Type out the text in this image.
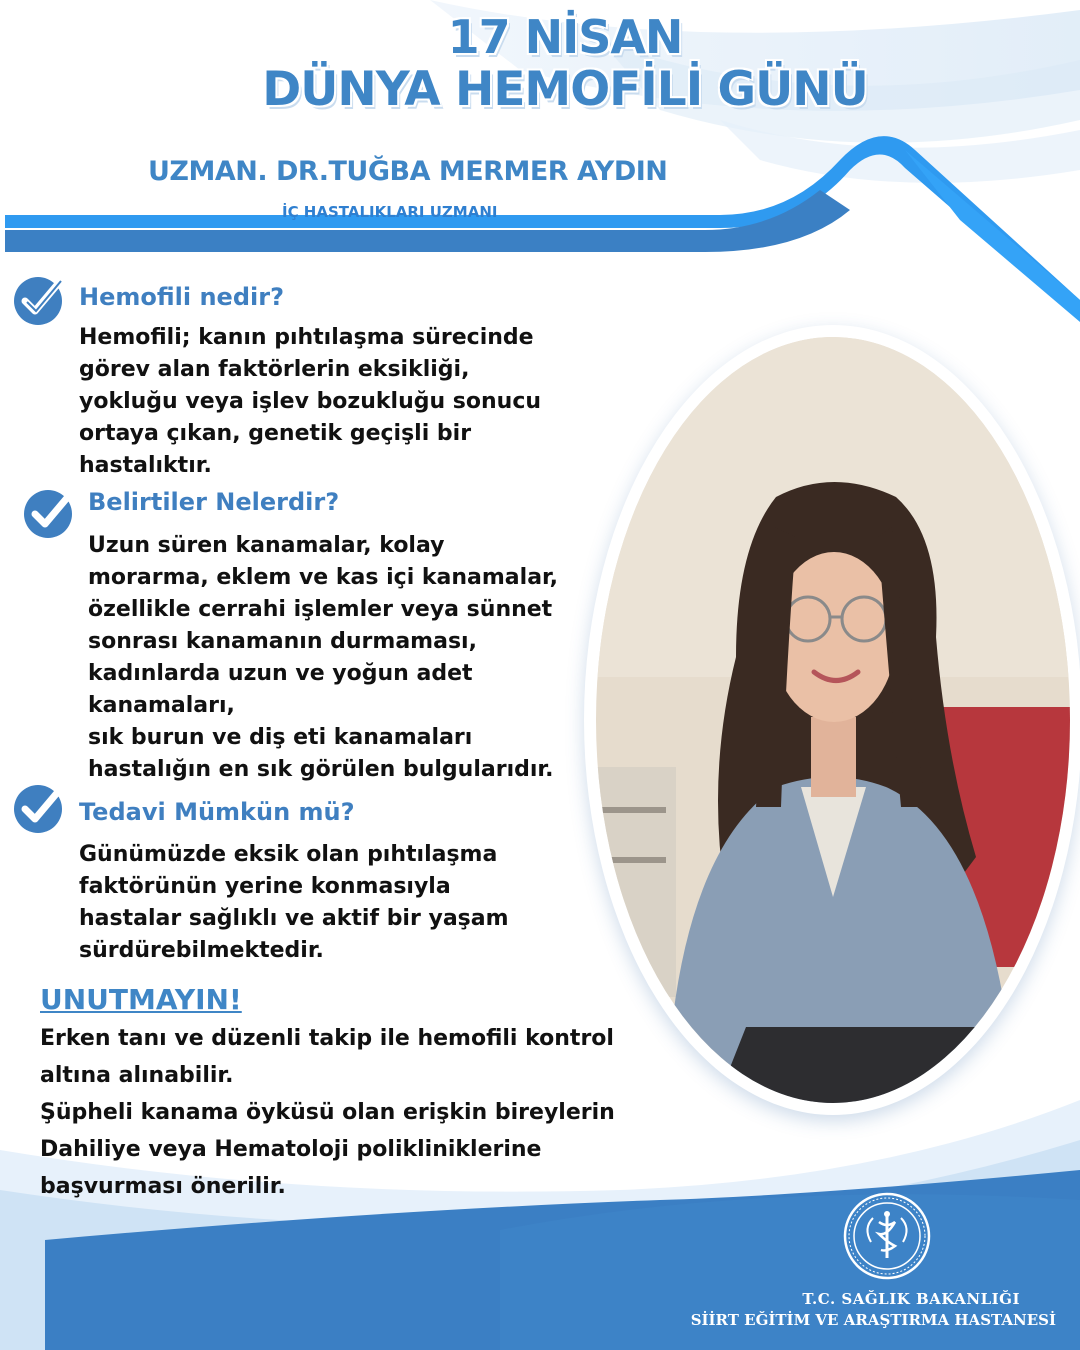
17 NİSAN
DÜNYA HEMOFİLİ GÜNÜ
UZMAN. DR.TUĞBA MERMER AYDIN
İÇ HASTALIKLARI UZMANI
Hemofili nedir?
Hemofili; kanın pıhtılaşma sürecinde
görev alan faktörlerin eksikliği,
yokluğu veya işlev bozukluğu sonucu
ortaya çıkan, genetik geçişli bir
hastalıktır.
Belirtiler Nelerdir?
Uzun süren kanamalar, kolay
morarma, eklem ve kas içi kanamalar,
özellikle cerrahi işlemler veya sünnet
sonrası kanamanın durmaması,
kadınlarda uzun ve yoğun adet
kanamaları,
sık burun ve diş eti kanamaları
hastalığın en sık görülen bulgularıdır.
Tedavi Mümkün mü?
Günümüzde eksik olan pıhtılaşma
faktörünün yerine konmasıyla
hastalar sağlıklı ve aktif bir yaşam
sürdürebilmektedir.
UNUTMAYIN!
Erken tanı ve düzenli takip ile hemofili kontrol
altına alınabilir.
Şüpheli kanama öyküsü olan erişkin bireylerin
Dahiliye veya Hematoloji polikliniklerine
başvurması önerilir.
T.C. SAĞLIK BAKANLIĞI
SİİRT EĞİTİM VE ARAŞTIRMA HASTANESİ
